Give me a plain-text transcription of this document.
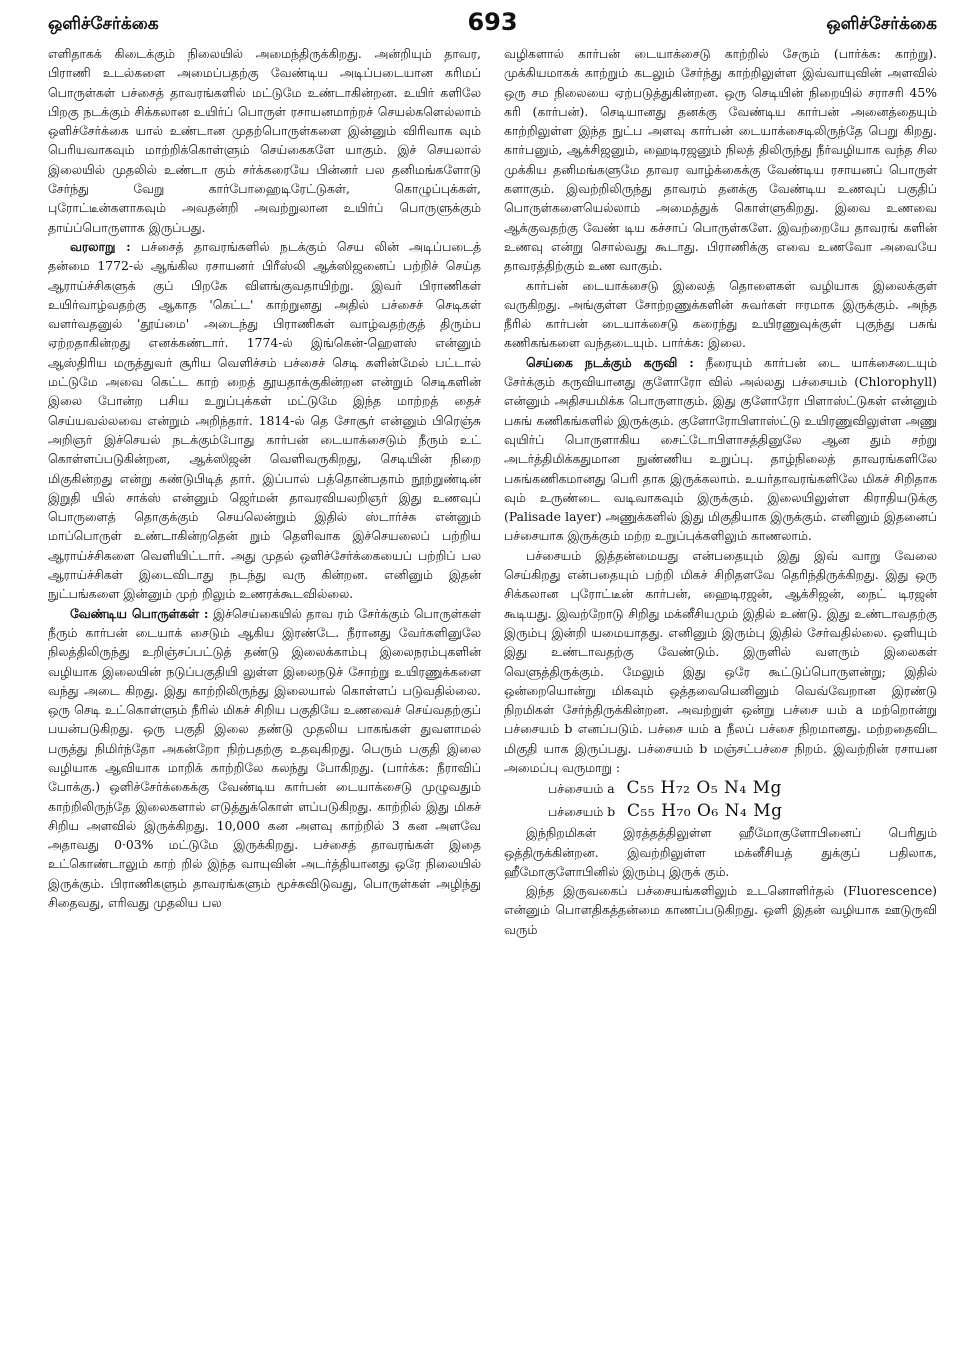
ஒளிச்சேர்க்கை	693	ஒளிச்சேர்க்கை

எளிதாகக் கிடைக்கும் நிலையில் அமைந்திருக்கிறது. அன்றியும் தாவர, பிராணி உடல்களை அமைப்பதற்கு வேண்டிய அடிப்படையான கரிமப் பொருள்கள் பச்சைத் தாவரங்களில் மட்டுமே உண்டாகின்றன. உயிர் களிலே பிறகு நடக்கும் சிக்கலான உயிர்ப் பொருள் ரசாயனமாற்றச் செயல்களெல்லாம் ஒளிச்சேர்க்கை யால் உண்டான முதற்பொருள்களை இன்னும் விரிவாக வும் பெரியவாகவும் மாற்றிக்கொள்ளும் செய்கைகளே யாகும். இச் செயலால் இலையில் முதலில் உண்டா கும் சர்க்கரையே பின்னர் பல தனிமங்களோடு சேர்ந்து வேறு கார்போஹைடிரேட்டுகள், கொழுப்புக்கள், புரோட்டீன்களாகவும் அவதன்றி அவற்றுலான உயிர்ப் பொருளுக்கும் தாய்ப்பொருளாக இருப்பது.

வரலாறு : பச்சைத் தாவரங்களில் நடக்கும் செய லின் அடிப்படைத் தன்மை 1772-ல் ஆங்கில ரசாயனர் பிரீஸ்லி ஆக்ஸிஜனைப் பற்றிச் செய்த ஆராய்ச்சிகளுக் குப் பிறகே விளங்குவதாயிற்று. இவர் பிராணிகள் உயிர்வாழ்வதற்கு ஆகாத 'கெட்ட' காற்றுனது அதில் பச்சைச் செடிகள் வளர்வதனுல் 'தூய்மை' அடைந்து பிராணிகள் வாழ்வதற்குத் திரும்ப ஏற்றதாகின்றது எனக்கண்டார். 1774-ல் இங்கென்-ஹௌஸ் என்னும் ஆஸ்திரிய மருத்துவர் சூரிய வெளிச்சம் பச்சைச் செடி களின்மேல் பட்டால் மட்டுமே அவை கெட்ட காற் றைத் தூயதாக்குகின்றன என்றும் செடிகளின் இலை போன்ற பசிய உறுப்புக்கள் மட்டுமே இந்த மாற்றத் தைச் செய்யவல்லவை என்றும் அறிந்தார். 1814-ல் தெ சோசூர் என்னும் பிரெஞ்சு அறிஞர் இச்செயல் நடக்கும்போது கார்பன் டையாக்சைடும் நீரும் உட் கொள்ளப்படுகின்றன, ஆக்ஸிஜன் வெளிவருகிறது, செடியின் நிறை மிகுகின்றது என்று கண்டுபிடித் தார். இப்பால் பத்தொன்பதாம் நூற்றுண்டின் இறுதி யில் சாக்ஸ் என்னும் ஜெர்மன் தாவரவியலறிஞர் இது உணவுப் பொருளைத் தொகுக்கும் செயலென்றும் இதில் ஸ்டார்ச்சு என்னும் மாப்பொருள் உண்டாகின்றதென் றும் தெளிவாக இச்செயலைப் பற்றிய ஆராய்ச்சிகளை வெளியிட்டார். அது முதல் ஒளிச்சேர்க்கையைப் பற்றிப் பல ஆராய்ச்சிகள் இடைவிடாது நடந்து வரு கின்றன. எனினும் இதன் நுட்பங்களை இன்னும் முற் றிலும் உணரக்கூடவில்லை.

வேண்டிய பொருள்கள் : இச்செய்கையில் தாவ ரம் சேர்க்கும் பொருள்கள் நீரும் கார்பன் டையாக் சைடும் ஆகிய இரண்டே. நீரானது வேர்களினுலே நிலத்திலிருந்து உறிஞ்சப்பட்டுத் தண்டு இலைக்காம்பு இலைநரம்புகளின் வழியாக இலையின் நடுப்பகுதியி லுள்ள இலைநடுச் சோற்று உயிரணுக்களை வந்து அடை கிறது. இது காற்றிலிருந்து இலையால் கொள்ளப் படுவதில்லை. ஒரு செடி உட்கொள்ளும் நீரில் மிகச் சிறிய பகுதியே உணவைச் செய்வதற்குப் பயன்படுகிறது. ஒரு பகுதி இலை தண்டு முதலிய பாகங்கள் துவளாமல் பருத்து நிமிர்ந்தோ அகன்றோ நிற்பதற்கு உதவுகிறது. பெரும் பகுதி இலை வழியாக ஆவியாக மாறிக் காற்றிலே கலந்து போகிறது. (பார்க்க: நீராவிப் போக்கு.) ஒளிச்சேர்க்கைக்கு வேண்டிய கார்பன் டையாக்சைடு முழுவதும் காற்றிலிருந்தே இலைகளால் எடுத்துக்கொள் ளப்படுகிறது. காற்றில் இது மிகச் சிறிய அளவில் இருக்கிறது. 10,000 கன அளவு காற்றில் 3 கன அளவே அதாவது 0·03% மட்டுமே இருக்கிறது. பச்சைத் தாவரங்கள் இதை உட்கொண்டாலும் காற் றில் இந்த வாயுவின் அடர்த்தியானது ஒரே நிலையில் இருக்கும். பிராணிகளும் தாவரங்களும் மூச்சுவிடுவது, பொருள்கள் அழிந்து சிதைவது, எரிவது முதலிய பல

வழிகளால் கார்பன் டையாக்சைடு காற்றில் சேரும் (பார்க்க: காற்று). முக்கியமாகக் காற்றும் கடலும் சேர்ந்து காற்றிலுள்ள இவ்வாயுவின் அளவில் ஒரு சம நிலையை ஏற்படுத்துகின்றன. ஒரு செடியின் நிறையில் சராசரி 45% கரி (கார்பன்). செடியானது தனக்கு வேண்டிய கார்பன் அனைத்தையும் காற்றிலுள்ள இந்த நுட்ப அளவு கார்பன் டையாக்சைடிலிருந்தே பெறு கிறது. கார்பனும், ஆக்சிஜனும், ஹைடிரஜனும் நிலத் திலிருந்து நீர்வழியாக வந்த சில முக்கிய தனிமங்களுமே தாவர வாழ்க்கைக்கு வேண்டிய ரசாயனப் பொருள் களாகும். இவற்றிலிருந்து தாவரம் தனக்கு வேண்டிய உணவுப் பகுதிப் பொருள்களையெல்லாம் அமைத்துக் கொள்ளுகிறது. இவை உணவை ஆக்குவதற்கு வேண் டிய கச்சாப் பொருள்களே. இவற்றையே தாவரங் களின் உணவு என்று சொல்வது கூடாது. பிராணிக்கு எவை உணவோ அவையே தாவரத்திற்கும் உண வாகும்.

கார்பன் டையாக்சைடு இலைத் தொளைகள் வழியாக இலைக்குள் வருகிறது. அங்குள்ள சோற்றணுக்களின் சுவர்கள் ஈரமாக இருக்கும். அந்த நீரில் கார்பன் டையாக்சைடு கரைந்து உயிரணுவுக்குள் புகுந்து பசுங் கணிகங்களை வந்தடையும். பார்க்க: இலை.

செய்கை நடக்கும் கருவி : நீரையும் கார்பன் டை யாக்சைடையும் சேர்க்கும் கருவியானது குளோரோ வில் அல்லது பச்சையம் (Chlorophyll) என்னும் அதிசயமிக்க பொருளாகும். இது குளோரோ பிளாஸ்ட்டுகள் என்னும் பசுங் கணிகங்களில் இருக்கும். குளோரோபிளாஸ்ட்டு உயிரணுவிலுள்ள அணு வுயிர்ப் பொருளாகிய சைட்டோபிளாசத்தினுலே ஆன தும் சற்று அடர்த்திமிக்கதுமான நுண்ணிய உறுப்பு. தாழ்நிலைத் தாவரங்களிலே பசுங்கணிகமானது பெரி தாக இருக்கலாம். உயர்தாவரங்களிலே மிகச் சிறிதாக வும் உருண்டை வடிவாகவும் இருக்கும். இலையிலுள்ள கிராதியடுக்கு (Palisade layer) அணுக்களில் இது மிகுதியாக இருக்கும். எனினும் இதனைப் பச்சையாக இருக்கும் மற்ற உறுப்புக்களிலும் காணலாம்.

பச்சையம் இத்தன்மையது என்பதையும் இது இவ் வாறு வேலை செய்கிறது என்பதையும் பற்றி மிகச் சிறிதளவே தெரிந்திருக்கிறது. இது ஒரு சிக்கலான புரோட்டீன் கார்பன், ஹைடிரஜன், ஆக்சிஜன், நைட் டிரஜன் கூடியது. இவற்றோடு சிறிது மக்னீசியமும் இதில் உண்டு. இது உண்டாவதற்கு இரும்பு இன்றி யமையாதது. எனினும் இரும்பு இதில் சேர்வதில்லை. ஒளியும் இது உண்டாவதற்கு வேண்டும். இருளில் வளரும் இலைகள் வெளுத்திருக்கும். மேலும் இது ஒரே கூட்டுப்பொருளன்று; இதில் ஒன்றையொன்று மிகவும் ஒத்தவையெனினும் வெவ்வேறான இரண்டு நிறமிகள் சேர்ந்திருக்கின்றன. அவற்றுள் ஒன்று பச்சை யம் a மற்றொன்று பச்சையம் b எனப்படும். பச்சை யம் a நீலப் பச்சை நிறமானது. மற்றதைவிட மிகுதி யாக இருப்பது. பச்சையம் b மஞ்சட்பச்சை நிறம். இவற்றின் ரசாயன அமைப்பு வருமாறு :

பச்சையம் a C₅₅ H₇₂ O₅ N₄ Mg
பச்சையம் b C₅₅ H₇₀ O₆ N₄ Mg

இந்நிறமிகள் இரத்தத்திலுள்ள ஹீமோகுளோபினைப் பெரிதும் ஒத்திருக்கின்றன. இவற்றிலுள்ள மக்னீசியத் துக்குப் பதிலாக, ஹீமோகுளோபினில் இரும்பு இருக் கும்.

இந்த இருவகைப் பச்சையங்களிலும் உடனொளிர்தல் (Fluorescence) என்னும் பொளதிகத்தன்மை காணப்படுகிறது. ஒளி இதன் வழியாக ஊடுருவி வரும்
